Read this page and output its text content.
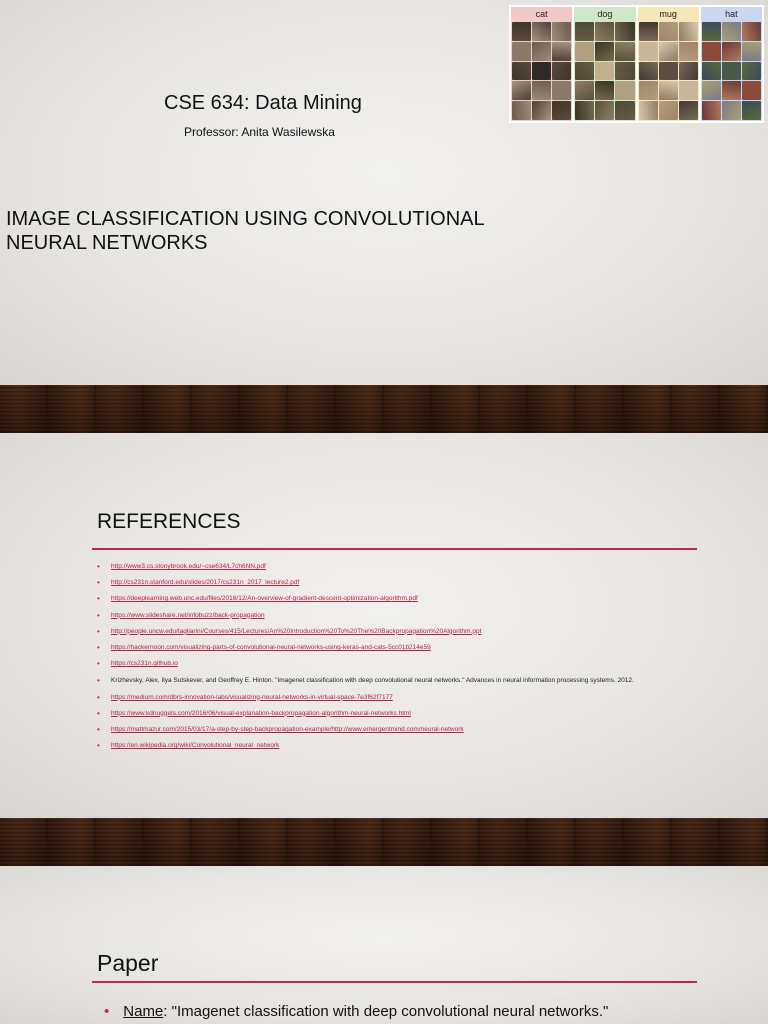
CSE 634: Data Mining
Professor: Anita Wasilewska
IMAGE CLASSIFICATION USING CONVOLUTIONAL NEURAL NETWORKS
cat	dog	mug	hat
REFERENCES
• http://www3.cs.stonybrook.edu/~cse634/L7ch6NN.pdf
• http://cs231n.stanford.edu/slides/2017/cs231n_2017_lecture2.pdf
• https://deeplearning.web.unc.edu/files/2016/12/An-overview-of-gradient-descent-optimization-algorithm.pdf
• https://www.slideshare.net/infobuzz/back-propagation
• http://people.uncw.edu/tagliarini/Courses/415/Lectures/An%20Introduction%20To%20The%20Backpropagation%20Algorithm.ppt
• https://hackernoon.com/visualizing-parts-of-convolutional-neural-networks-using-keras-and-cats-5cc01b214e59
• https://cs231n.github.io
• Krizhevsky, Alex, Ilya Sutskever, and Geoffrey E. Hinton. "Imagenet classification with deep convolutional neural networks." Advances in neural information processing systems. 2012.
• https://medium.com/dbrs-innovation-labs/visualizing-neural-networks-in-virtual-space-7e3f62f7177
• https://www.kdnuggets.com/2016/06/visual-explanation-backpropagation-algorithm-neural-networks.html
• https://mattmazur.com/2015/03/17/a-step-by-step-backpropagation-example/http://www.emergentmind.com/neural-network
• https://en.wikipedia.org/wiki/Convolutional_neural_network
Paper
• Name: "Imagenet classification with deep convolutional neural networks."
